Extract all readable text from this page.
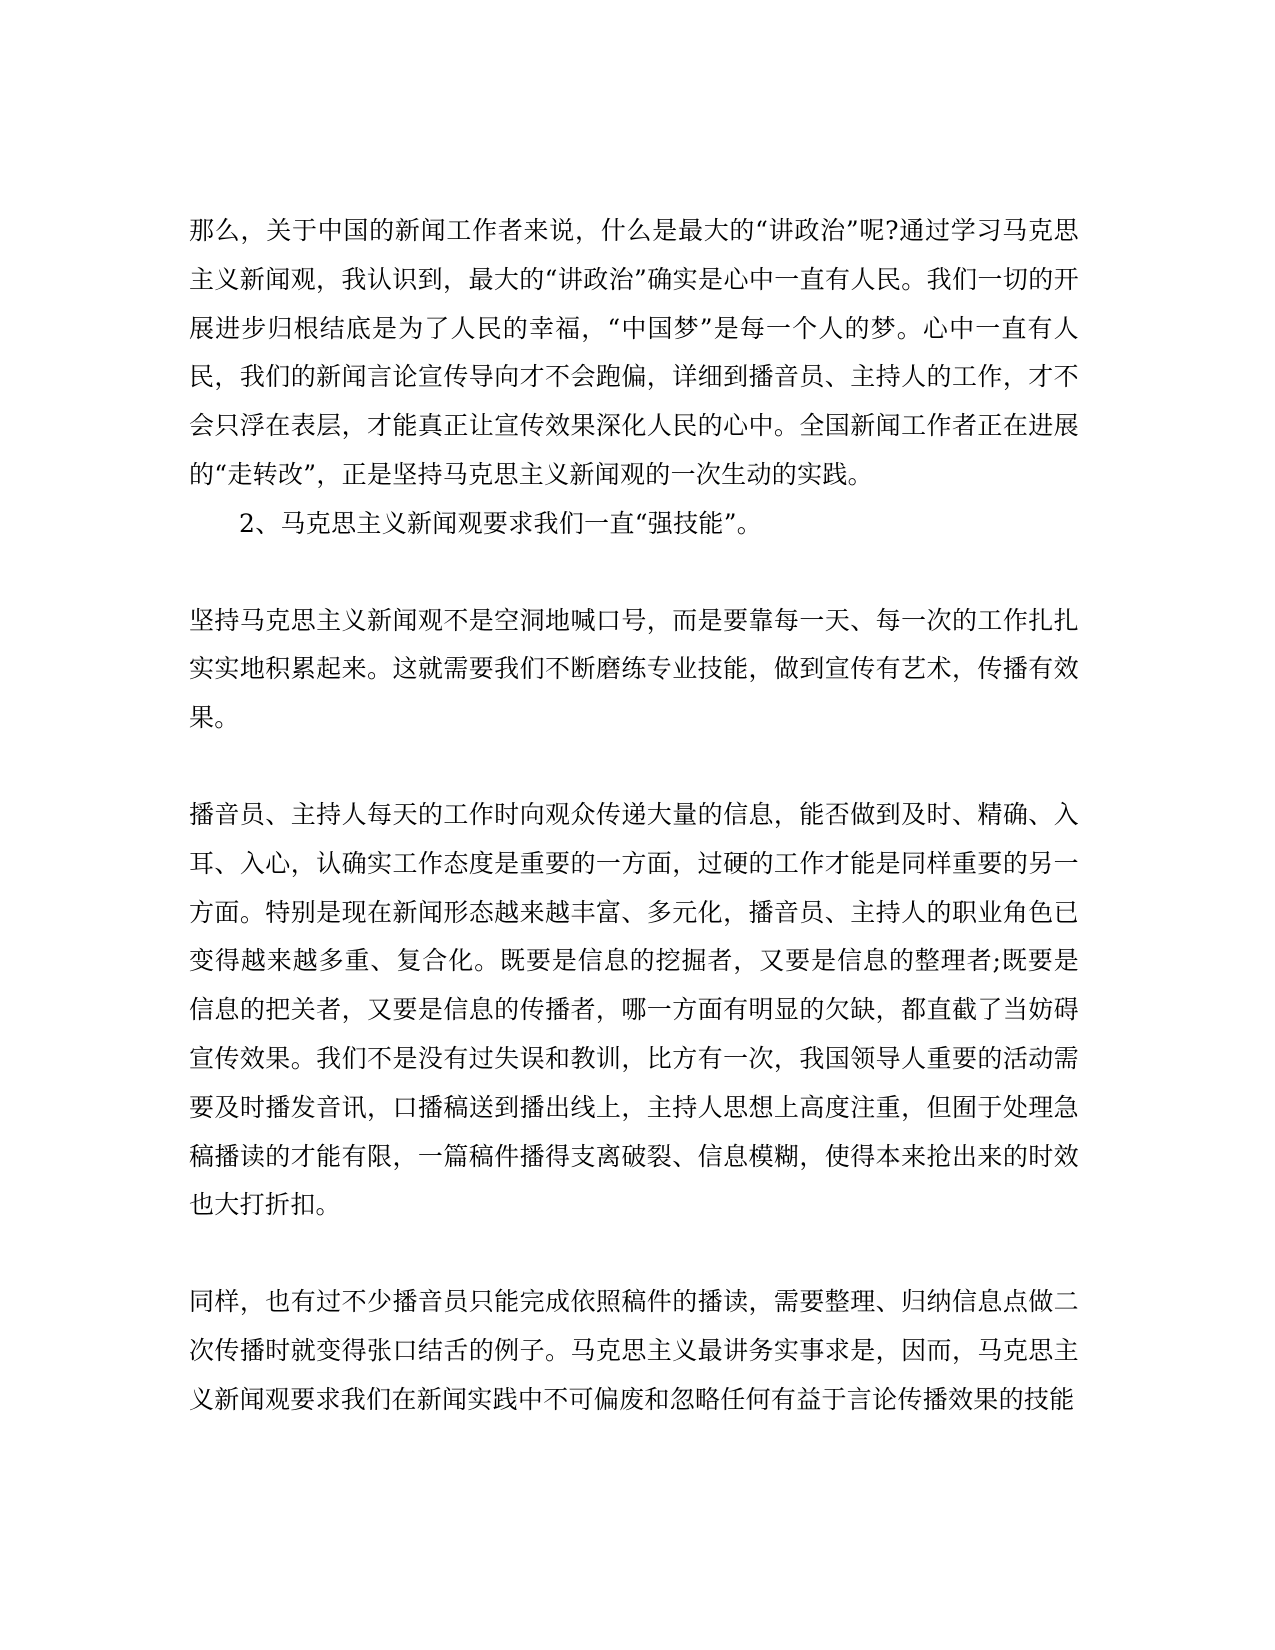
那么，关于中国的新闻工作者来说，什么是最大的“讲政治”呢?通过学习马克思主义新闻观，我认识到，最大的“讲政治”确实是心中一直有人民。我们一切的开展进步归根结底是为了人民的幸福，“中国梦”是每一个人的梦。心中一直有人民，我们的新闻言论宣传导向才不会跑偏，详细到播音员、主持人的工作，才不会只浮在表层，才能真正让宣传效果深化人民的心中。全国新闻工作者正在进展的“走转改”，正是坚持马克思主义新闻观的一次生动的实践。

2、马克思主义新闻观要求我们一直“强技能”。

坚持马克思主义新闻观不是空洞地喊口号，而是要靠每一天、每一次的工作扎扎实实地积累起来。这就需要我们不断磨练专业技能，做到宣传有艺术，传播有效果。

播音员、主持人每天的工作时向观众传递大量的信息，能否做到及时、精确、入耳、入心，认确实工作态度是重要的一方面，过硬的工作才能是同样重要的另一方面。特别是现在新闻形态越来越丰富、多元化，播音员、主持人的职业角色已变得越来越多重、复合化。既要是信息的挖掘者，又要是信息的整理者;既要是信息的把关者，又要是信息的传播者，哪一方面有明显的欠缺，都直截了当妨碍宣传效果。我们不是没有过失误和教训，比方有一次，我国领导人重要的活动需要及时播发音讯，口播稿送到播出线上，主持人思想上高度注重，但囿于处理急稿播读的才能有限，一篇稿件播得支离破裂、信息模糊，使得本来抢出来的时效也大打折扣。

同样，也有过不少播音员只能完成依照稿件的播读，需要整理、归纳信息点做二次传播时就变得张口结舌的例子。马克思主义最讲务实事求是，因而，马克思主义新闻观要求我们在新闻实践中不可偏废和忽略任何有益于言论传播效果的技能
